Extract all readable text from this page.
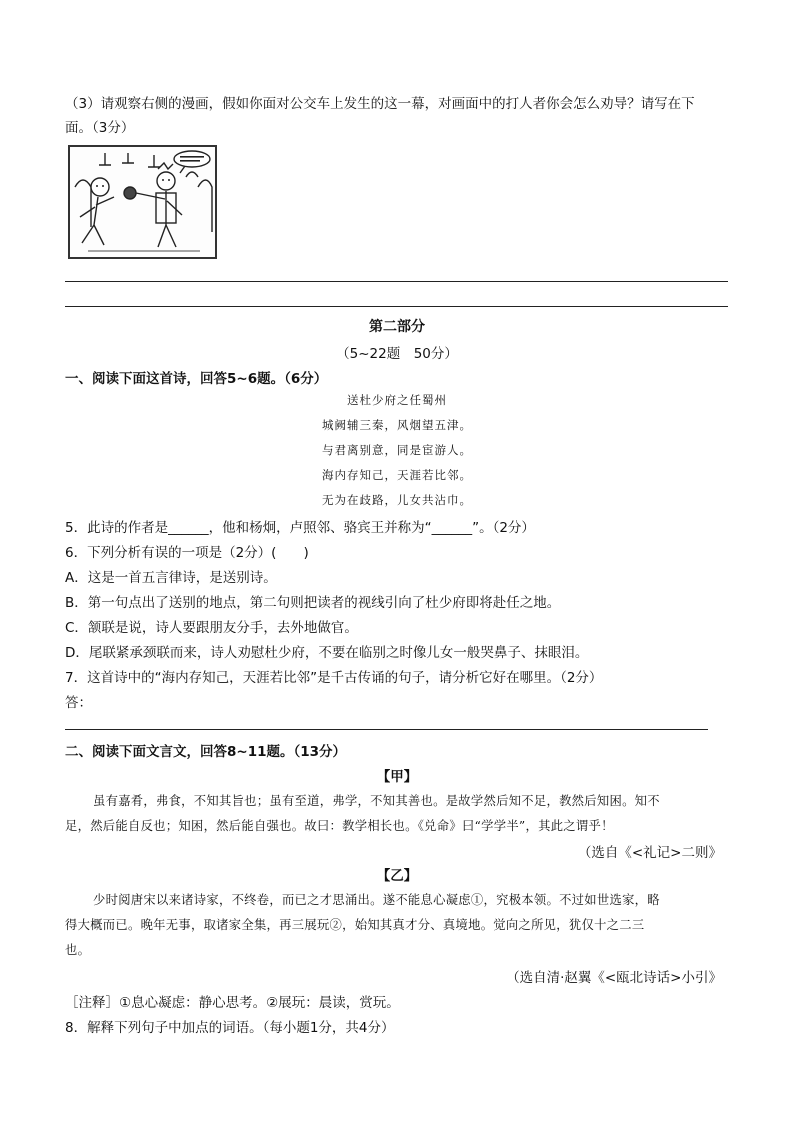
（3）请观察右侧的漫画，假如你面对公交车上发生的这一幕，对画面中的打人者你会怎么劝导？请写在下
面。（3分）
第二部分
（5~22题　50分）
一、阅读下面这首诗，回答5~6题。（6分）
送杜少府之任蜀州
城阙辅三秦，风烟望五津。
与君离别意，同是宦游人。
海内存知己，天涯若比邻。
无为在歧路，儿女共沾巾。
5．此诗的作者是______，他和杨炯，卢照邻、骆宾王并称为“______”。（2分）
6．下列分析有误的一项是（2分）(　　)
A．这是一首五言律诗，是送别诗。
B．第一句点出了送别的地点，第二句则把读者的视线引向了杜少府即将赴任之地。
C．颔联是说，诗人要跟朋友分手，去外地做官。
D．尾联紧承颈联而来，诗人劝慰杜少府，不要在临别之时像儿女一般哭鼻子、抹眼泪。
7．这首诗中的“海内存知己，天涯若比邻”是千古传诵的句子，请分析它好在哪里。（2分）
答：
二、阅读下面文言文，回答8~11题。（13分）
【甲】
虽有嘉肴，弗食，不知其旨也；虽有至道，弗学，不知其善也。是故学然后知不足，教然后知困。知不
足，然后能自反也；知困，然后能自强也。故曰：教学相长也。《兑命》曰“学学半”，其此之谓乎！
（选自《<礼记>二则》
【乙】
少时阅唐宋以来诸诗家，不终卷，而已之才思涌出。遂不能息心凝虑①，究极本领。不过如世选家，略
得大概而已。晚年无事，取诸家全集，再三展玩②，始知其真才分、真境地。觉向之所见，犹仅十之二三
也。
（选自清·赵翼《<瓯北诗话>小引》
［注释］①息心凝虑：静心思考。②展玩：晨读，赏玩。
8．解释下列句子中加点的词语。（每小题1分，共4分）
